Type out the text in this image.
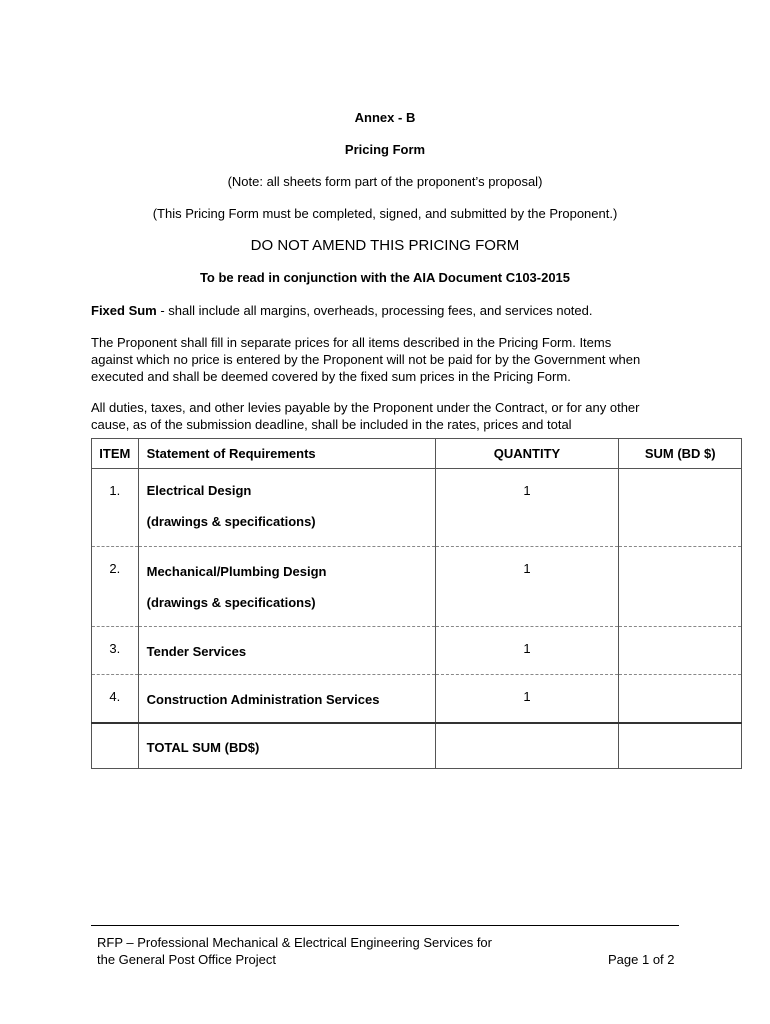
Annex - B
Pricing Form
(Note: all sheets form part of the proponent’s proposal)
(This Pricing Form must be completed, signed, and submitted by the Proponent.)
DO NOT AMEND THIS PRICING FORM
To be read in conjunction with the AIA Document C103-2015
Fixed Sum - shall include all margins, overheads, processing fees, and services noted.
The Proponent shall fill in separate prices for all items described in the Pricing Form. Items
against which no price is entered by the Proponent will not be paid for by the Government when
executed and shall be deemed covered by the fixed sum prices in the Pricing Form.
All duties, taxes, and other levies payable by the Proponent under the Contract, or for any other
cause, as of the submission deadline, shall be included in the rates, prices and total
ITEM	Statement of Requirements	QUANTITY	SUM (BD $)

1.	Electrical Design
(drawings & specifications)	1	

2.	Mechanical/Plumbing Design
(drawings & specifications)	1	

3.	Tender Services	1	

4.	Construction Administration Services	1	

	TOTAL SUM (BD$)		

RFP – Professional Mechanical & Electrical Engineering Services for
the General Post Office Project	Page 1 of 2
